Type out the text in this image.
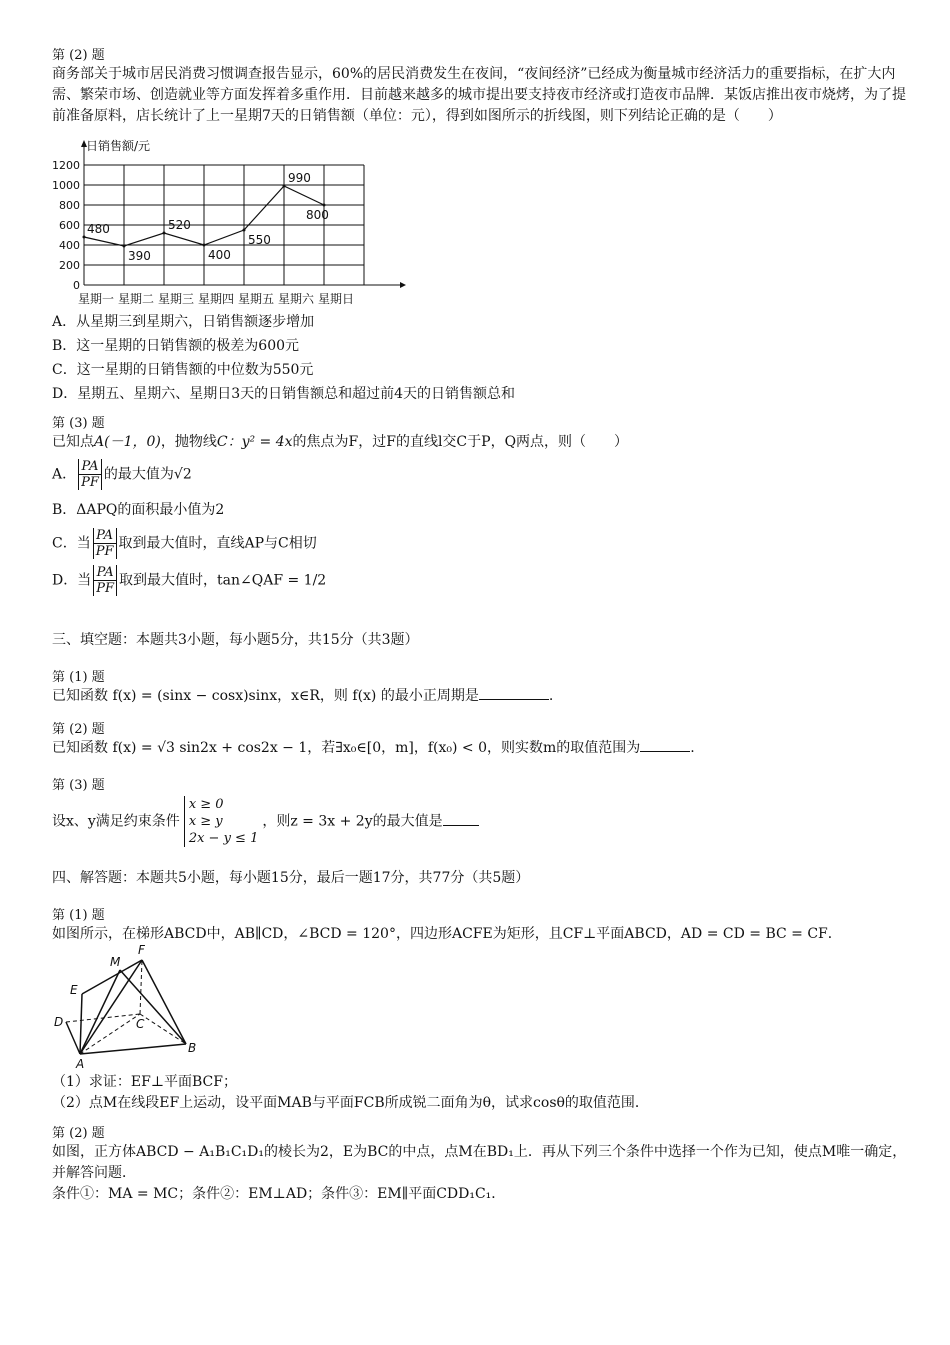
第 (2) 题
商务部关于城市居民消费习惯调查报告显示，60%的居民消费发生在夜间，“夜间经济”已经成为衡量城市经济活力的重要指标，在扩大内需、繁荣市场、创造就业等方面发挥着多重作用．目前越来越多的城市提出要支持夜市经济或打造夜市品牌．某饭店推出夜市烧烤，为了提前准备原料，店长统计了上一星期7天的日销售额（单位：元），得到如图所示的折线图，则下列结论正确的是（　　）
1200
1000
800
600
400
200
0
日销售额/元
480
390
520
400
550
990
800
星期一 星期二 星期三 星期四 星期五 星期六 星期日
A．从星期三到星期六，日销售额逐步增加
B．这一星期的日销售额的极差为600元
C．这一星期的日销售额的中位数为550元
D．星期五、星期六、星期日3天的日销售额总和超过前4天的日销售额总和
第 (3) 题
已知点A(－1，0)，抛物线C：y² = 4x的焦点为F，过F的直线l交C于P，Q两点，则（　　）
A． $\frac{PA}{PF}$ 的最大值为√2
B．ΔAPQ的面积最小值为2
C．当 $\frac{PA}{PF}$ 取到最大值时，直线AP与C相切
D．当 $\frac{PA}{PF}$ 取到最大值时，tan∠QAF = 1/2
三、填空题：本题共3小题，每小题5分，共15分（共3题）
第 (1) 题
已知函数 f(x) = (sinx − cosx)sinx，x∈R，则 f(x) 的最小正周期是	.
第 (2) 题
已知函数 f(x) = √3 sin2x + cos2x − 1，若∃x₀∈[0，m]，f(x₀) < 0，则实数m的取值范围为	.
第 (3) 题
设x、y满足约束条件
x ≥ 0
x ≥ y
2x − y ≤ 1
，则z = 3x + 2y的最大值是
四、解答题：本题共5小题，每小题15分，最后一题17分，共77分（共5题）
第 (1) 题
如图所示，在梯形ABCD中，AB∥CD，∠BCD = 120°，四边形ACFE为矩形，且CF⊥平面ABCD，AD = CD = BC = CF．
F
M
E
D	C
B
A
（1）求证：EF⊥平面BCF；
（2）点M在线段EF上运动，设平面MAB与平面FCB所成锐二面角为θ，试求cosθ的取值范围．
第 (2) 题
如图，正方体ABCD − A₁B₁C₁D₁的棱长为2，E为BC的中点，点M在BD₁上．再从下列三个条件中选择一个作为已知，使点M唯一确定，并解答问题．
条件①：MA = MC；条件②：EM⊥AD；条件③：EM∥平面CDD₁C₁．
